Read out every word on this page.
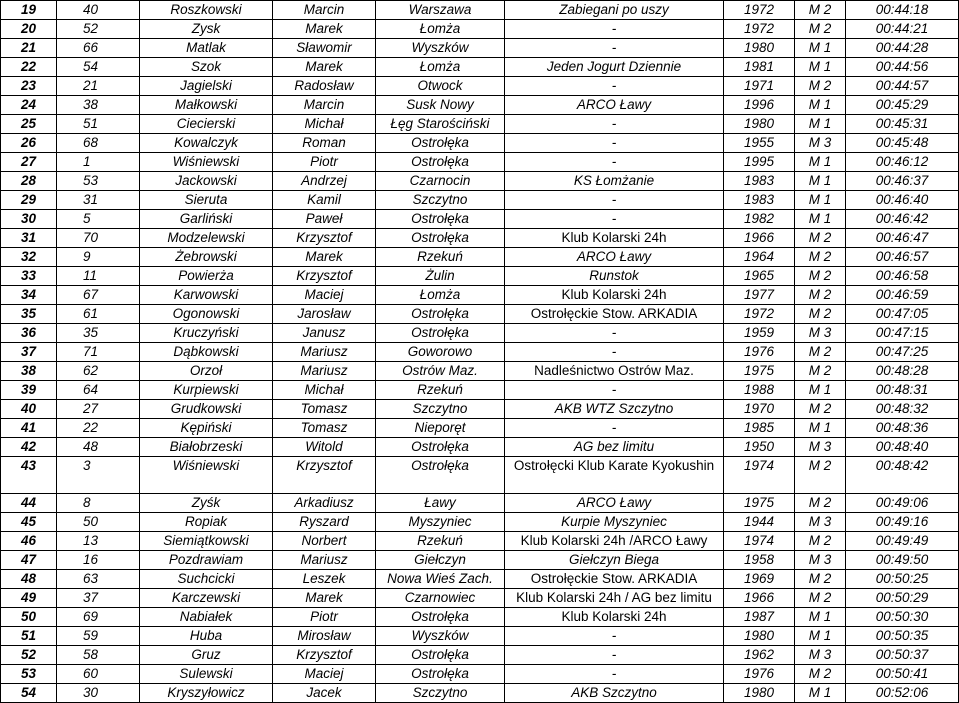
19	40	Roszkowski	Marcin	Warszawa	Zabiegani po uszy	1972	M 2	00:44:18
20	52	Zysk	Marek	Łomża	-	1972	M 2	00:44:21
21	66	Matlak	Sławomir	Wyszków	-	1980	M 1	00:44:28
22	54	Szok	Marek	Łomża	Jeden Jogurt Dziennie	1981	M 1	00:44:56
23	21	Jagielski	Radosław	Otwock	-	1971	M 2	00:44:57
24	38	Małkowski	Marcin	Susk Nowy	ARCO Ławy	1996	M 1	00:45:29
25	51	Ciecierski	Michał	Łęg Starościński	-	1980	M 1	00:45:31
26	68	Kowalczyk	Roman	Ostrołęka	-	1955	M 3	00:45:48
27	1	Wiśniewski	Piotr	Ostrołęka	-	1995	M 1	00:46:12
28	53	Jackowski	Andrzej	Czarnocin	KS Łomżanie	1983	M 1	00:46:37
29	31	Sieruta	Kamil	Szczytno	-	1983	M 1	00:46:40
30	5	Garliński	Paweł	Ostrołęka	-	1982	M 1	00:46:42
31	70	Modzelewski	Krzysztof	Ostrołęka	Klub Kolarski 24h	1966	M 2	00:46:47
32	9	Żebrowski	Marek	Rzekuń	ARCO Ławy	1964	M 2	00:46:57
33	11	Powierża	Krzysztof	Żulin	Runstok	1965	M 2	00:46:58
34	67	Karwowski	Maciej	Łomża	Klub Kolarski 24h	1977	M 2	00:46:59
35	61	Ogonowski	Jarosław	Ostrołęka	Ostrołęckie Stow. ARKADIA	1972	M 2	00:47:05
36	35	Kruczyński	Janusz	Ostrołęka	-	1959	M 3	00:47:15
37	71	Dąbkowski	Mariusz	Goworowo	-	1976	M 2	00:47:25
38	62	Orzoł	Mariusz	Ostrów Maz.	Nadleśnictwo Ostrów Maz.	1975	M 2	00:48:28
39	64	Kurpiewski	Michał	Rzekuń	-	1988	M 1	00:48:31
40	27	Grudkowski	Tomasz	Szczytno	AKB WTZ Szczytno	1970	M 2	00:48:32
41	22	Kępiński	Tomasz	Nieporęt	-	1985	M 1	00:48:36
42	48	Białobrzeski	Witold	Ostrołęka	AG bez limitu	1950	M 3	00:48:40
43	3	Wiśniewski	Krzysztof	Ostrołęka	Ostrołęcki Klub Karate Kyokushin	1974	M 2	00:48:42
44	8	Zyśk	Arkadiusz	Ławy	ARCO Ławy	1975	M 2	00:49:06
45	50	Ropiak	Ryszard	Myszyniec	Kurpie Myszyniec	1944	M 3	00:49:16
46	13	Siemiątkowski	Norbert	Rzekuń	Klub Kolarski 24h /ARCO Ławy	1974	M 2	00:49:49
47	16	Pozdrawiam	Mariusz	Giełczyn	Giełczyn Biega	1958	M 3	00:49:50
48	63	Suchcicki	Leszek	Nowa Wieś Zach.	Ostrołęckie Stow. ARKADIA	1969	M 2	00:50:25
49	37	Karczewski	Marek	Czarnowiec	Klub Kolarski 24h / AG bez limitu	1966	M 2	00:50:29
50	69	Nabiałek	Piotr	Ostrołęka	Klub Kolarski 24h	1987	M 1	00:50:30
51	59	Huba	Mirosław	Wyszków	-	1980	M 1	00:50:35
52	58	Gruz	Krzysztof	Ostrołęka	-	1962	M 3	00:50:37
53	60	Sulewski	Maciej	Ostrołęka	-	1976	M 2	00:50:41
54	30	Kryszyłowicz	Jacek	Szczytno	AKB Szczytno	1980	M 1	00:52:06
